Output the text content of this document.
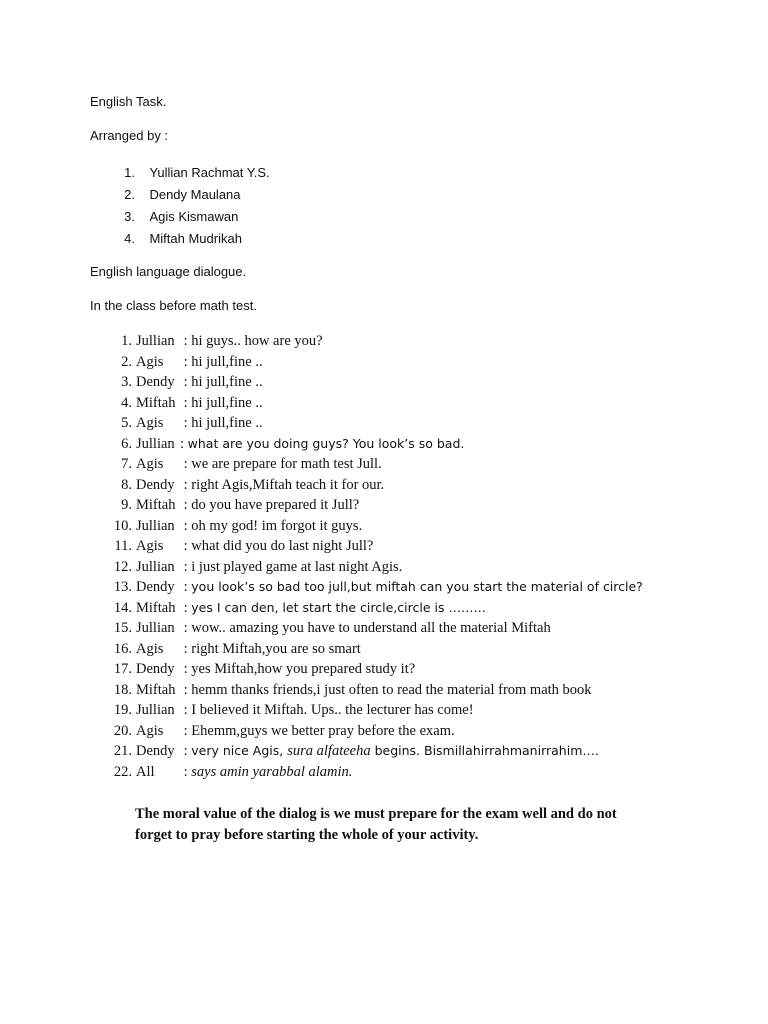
English Task.

Arranged by :

1. Yullian Rachmat Y.S.
2. Dendy Maulana
3. Agis Kismawan
4. Miftah Mudrikah

English language dialogue.

In the class before math test.

1. Jullian : hi guys.. how are you?
2. Agis : hi jull,fine ..
3. Dendy : hi jull,fine ..
4. Miftah : hi jull,fine ..
5. Agis : hi jull,fine ..
6.Jullian : what are you doing guys? You look’s so bad.
7. Agis : we are prepare for math test Jull.
8. Dendy : right Agis,Miftah teach it for our.
9. Miftah : do you have prepared it Jull?
10. Jullian : oh my god! im forgot it guys.
11. Agis : what did you do last night Jull?
12. Jullian : i just played game at last night Agis.
13. Dendy : you look’s so bad too jull,but miftah can you start the material of circle?
14. Miftah : yes I can den, let start the circle,circle is ………
15. Jullian : wow.. amazing you have to understand all the material Miftah
16. Agis : right Miftah,you are so smart
17. Dendy : yes Miftah,how you prepared study it?
18. Miftah : hemm thanks friends,i just often to read the material from math book
19. Jullian : I believed it Miftah. Ups.. the lecturer has come!
20. Agis : Ehemm,guys we better pray before the exam.
21. Dendy : very nice Agis, sura alfateeha begins. Bismillahirrahmanirrahim….
22. All : says amin yarabbal alamin.

The moral value of the dialog is we must prepare for the exam well and do not forget to pray before starting the whole of your activity.
